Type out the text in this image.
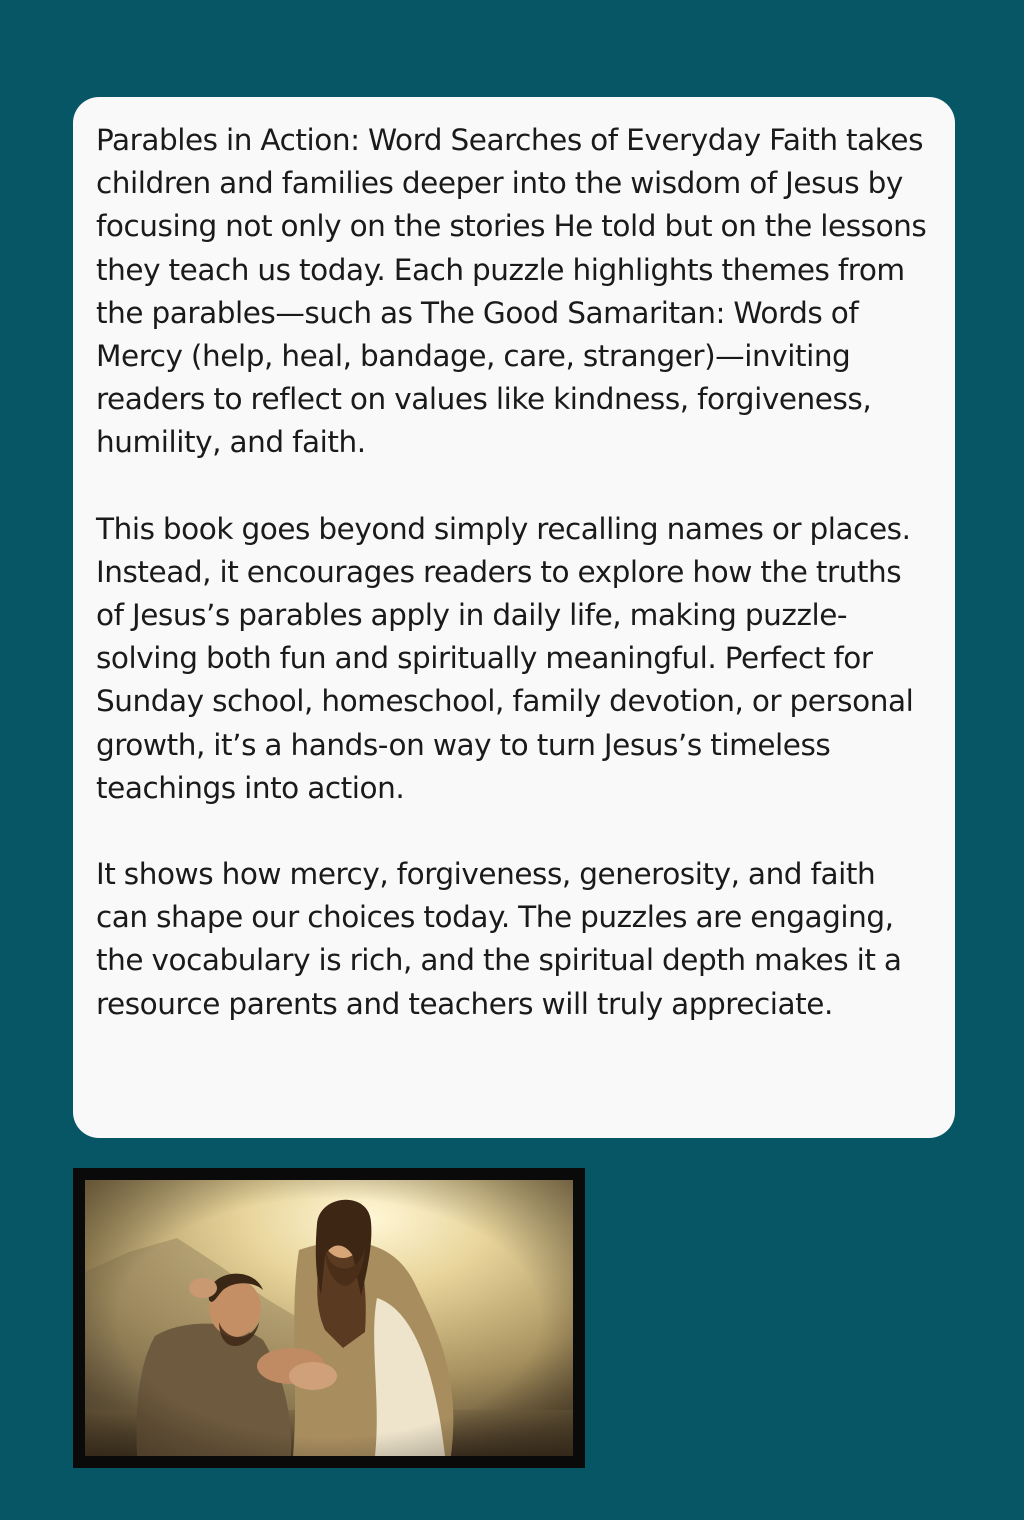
Parables in Action: Word Searches of Everyday Faith takes children and families deeper into the wisdom of Jesus by focusing not only on the stories He told but on the lessons they teach us today. Each puzzle highlights themes from the parables—such as The Good Samaritan: Words of Mercy (help, heal, bandage, care, stranger)—inviting readers to reflect on values like kindness, forgiveness, humility, and faith.

This book goes beyond simply recalling names or places. Instead, it encourages readers to explore how the truths of Jesus’s parables apply in daily life, making puzzle-solving both fun and spiritually meaningful. Perfect for Sunday school, homeschool, family devotion, or personal growth, it’s a hands-on way to turn Jesus’s timeless teachings into action.

It shows how mercy, forgiveness, generosity, and faith can shape our choices today. The puzzles are engaging, the vocabulary is rich, and the spiritual depth makes it a resource parents and teachers will truly appreciate.
